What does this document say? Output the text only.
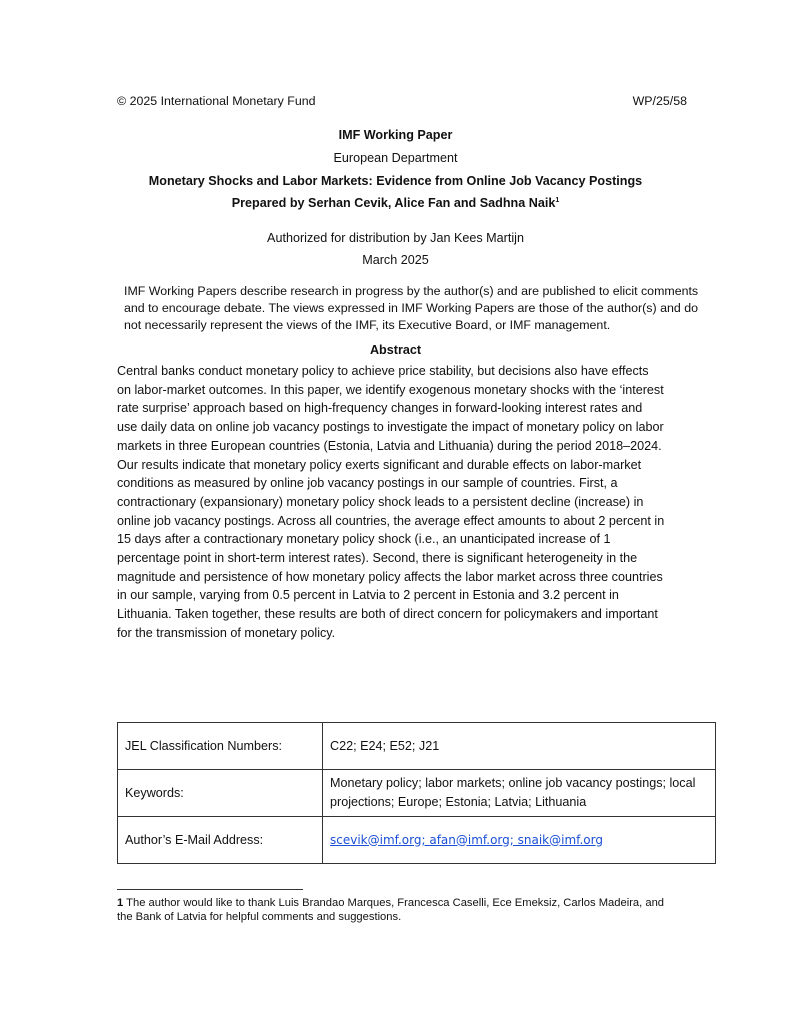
© 2025 International Monetary Fund	WP/25/58
IMF Working Paper
European Department
Monetary Shocks and Labor Markets: Evidence from Online Job Vacancy Postings
Prepared by Serhan Cevik, Alice Fan and Sadhna Naik$^1$
Authorized for distribution by Jan Kees Martijn
March 2025
IMF Working Papers describe research in progress by the author(s) and are published to elicit comments
and to encourage debate. The views expressed in IMF Working Papers are those of the author(s) and do
not necessarily represent the views of the IMF, its Executive Board, or IMF management.
Abstract
Central banks conduct monetary policy to achieve price stability, but decisions also have effects
on labor-market outcomes. In this paper, we identify exogenous monetary shocks with the ‘interest
rate surprise’ approach based on high-frequency changes in forward-looking interest rates and
use daily data on online job vacancy postings to investigate the impact of monetary policy on labor
markets in three European countries (Estonia, Latvia and Lithuania) during the period 2018–2024.
Our results indicate that monetary policy exerts significant and durable effects on labor-market
conditions as measured by online job vacancy postings in our sample of countries. First, a
contractionary (expansionary) monetary policy shock leads to a persistent decline (increase) in
online job vacancy postings. Across all countries, the average effect amounts to about 2 percent in
15 days after a contractionary monetary policy shock (i.e., an unanticipated increase of 1
percentage point in short-term interest rates). Second, there is significant heterogeneity in the
magnitude and persistence of how monetary policy affects the labor market across three countries
in our sample, varying from 0.5 percent in Latvia to 2 percent in Estonia and 3.2 percent in
Lithuania. Taken together, these results are both of direct concern for policymakers and important
for the transmission of monetary policy.
JEL Classification Numbers:	C22; E24; E52; J21
Keywords:	Monetary policy; labor markets; online job vacancy postings; local
projections; Europe; Estonia; Latvia; Lithuania

Author’s E-Mail Address:	scevik@imf.org; afan@imf.org; snaik@imf.org
1 The author would like to thank Luis Brandao Marques, Francesca Caselli, Ece Emeksiz, Carlos Madeira, and
the Bank of Latvia for helpful comments and suggestions.
